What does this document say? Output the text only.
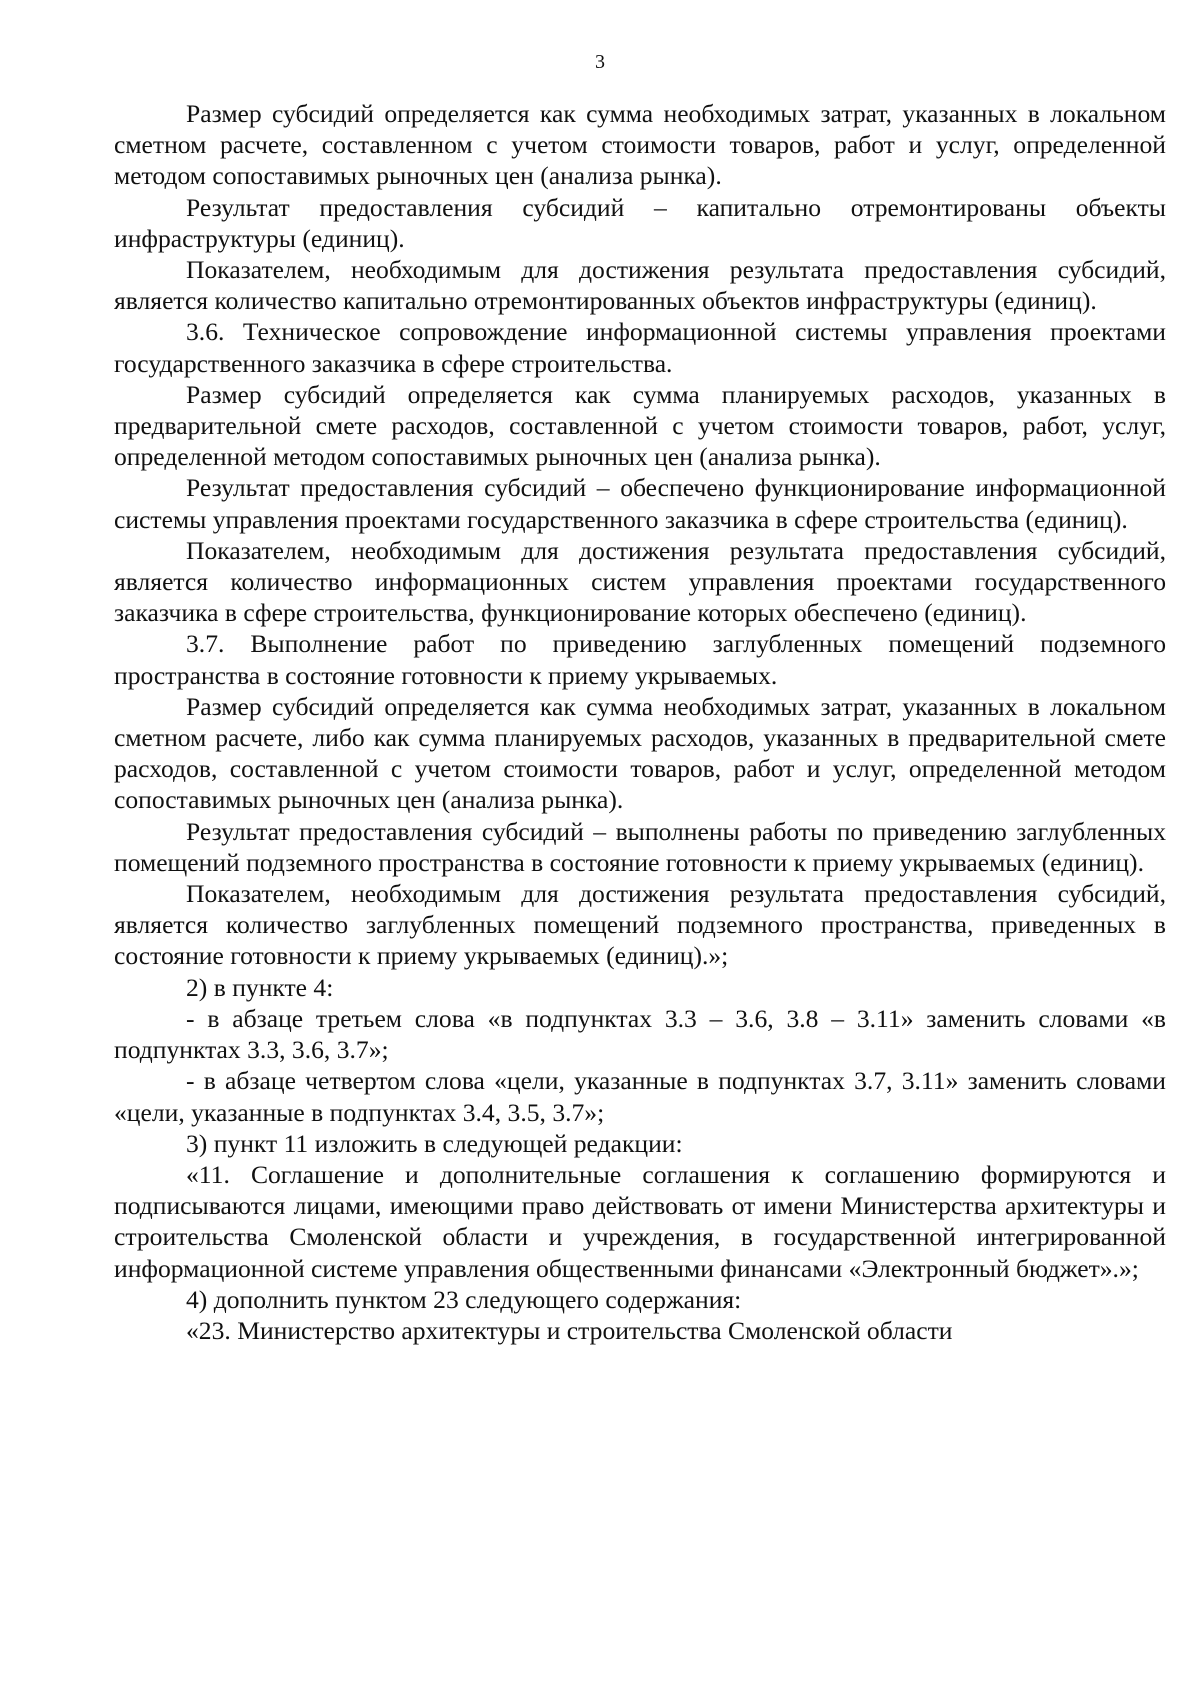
3

Размер субсидий определяется как сумма необходимых затрат, указанных в локальном сметном расчете, составленном с учетом стоимости товаров, работ и услуг, определенной методом сопоставимых рыночных цен (анализа рынка).

Результат предоставления субсидий – капитально отремонтированы объекты инфраструктуры (единиц).

Показателем, необходимым для достижения результата предоставления субсидий, является количество капитально отремонтированных объектов инфраструктуры (единиц).

3.6. Техническое сопровождение информационной системы управления проектами государственного заказчика в сфере строительства.

Размер субсидий определяется как сумма планируемых расходов, указанных в предварительной смете расходов, составленной с учетом стоимости товаров, работ, услуг, определенной методом сопоставимых рыночных цен (анализа рынка).

Результат предоставления субсидий – обеспечено функционирование информационной системы управления проектами государственного заказчика в сфере строительства (единиц).

Показателем, необходимым для достижения результата предоставления субсидий, является количество информационных систем управления проектами государственного заказчика в сфере строительства, функционирование которых обеспечено (единиц).

3.7. Выполнение работ по приведению заглубленных помещений подземного пространства в состояние готовности к приему укрываемых.

Размер субсидий определяется как сумма необходимых затрат, указанных в локальном сметном расчете, либо как сумма планируемых расходов, указанных в предварительной смете расходов, составленной с учетом стоимости товаров, работ и услуг, определенной методом сопоставимых рыночных цен (анализа рынка).

Результат предоставления субсидий – выполнены работы по приведению заглубленных помещений подземного пространства в состояние готовности к приему укрываемых (единиц).

Показателем, необходимым для достижения результата предоставления субсидий, является количество заглубленных помещений подземного пространства, приведенных в состояние готовности к приему укрываемых (единиц).»;

2) в пункте 4:

- в абзаце третьем слова «в подпунктах 3.3 – 3.6, 3.8 – 3.11» заменить словами «в подпунктах 3.3, 3.6, 3.7»;

- в абзаце четвертом слова «цели, указанные в подпунктах 3.7, 3.11» заменить словами «цели, указанные в подпунктах 3.4, 3.5, 3.7»;

3) пункт 11 изложить в следующей редакции:

«11. Соглашение и дополнительные соглашения к соглашению формируются и подписываются лицами, имеющими право действовать от имени Министерства архитектуры и строительства Смоленской области и учреждения, в государственной интегрированной информационной системе управления общественными финансами «Электронный бюджет».»;

4) дополнить пунктом 23 следующего содержания:

«23. Министерство архитектуры и строительства Смоленской области
